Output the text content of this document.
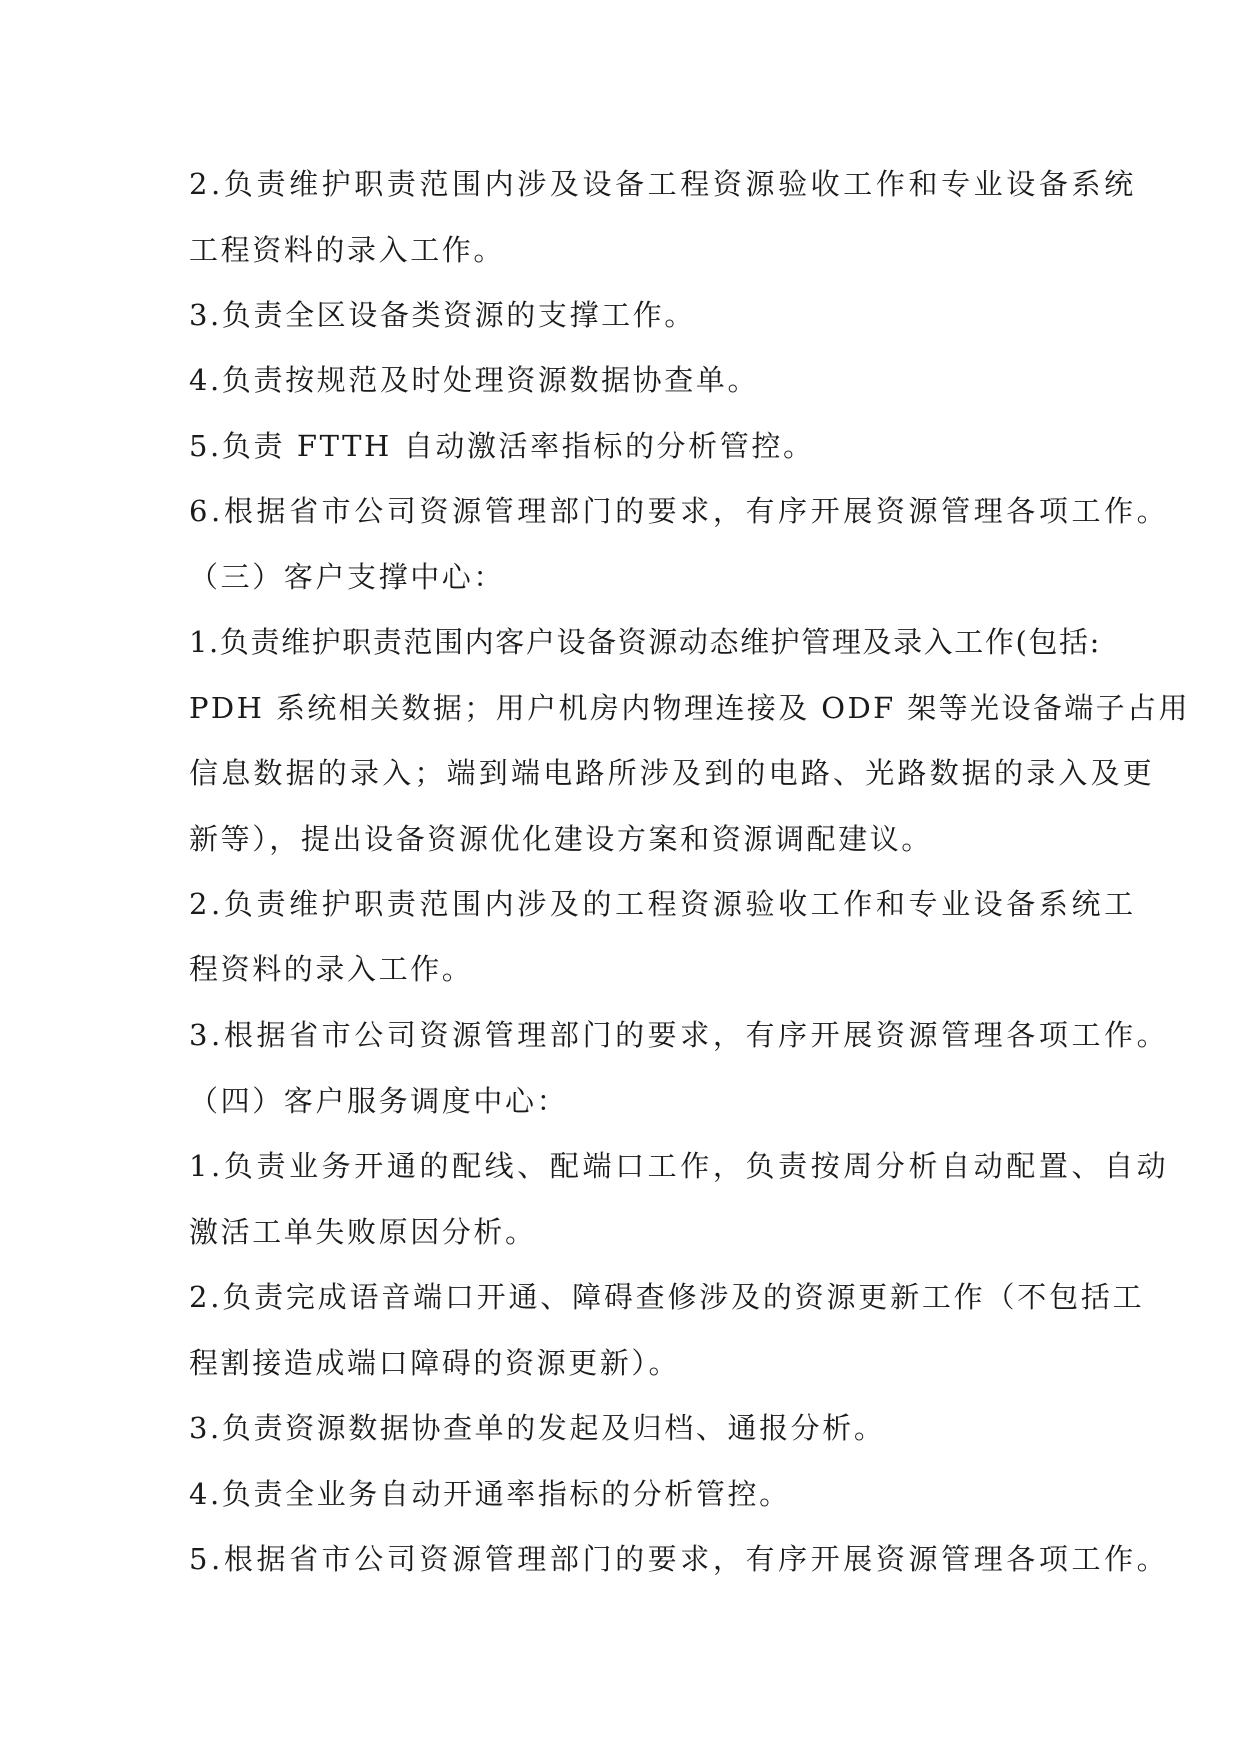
2.负责维护职责范围内涉及设备工程资源验收工作和专业设备系统
工程资料的录入工作。
3.负责全区设备类资源的支撑工作。
4.负责按规范及时处理资源数据协查单。
5.负责 FTTH 自动激活率指标的分析管控。
6.根据省市公司资源管理部门的要求，有序开展资源管理各项工作。
（三）客户支撑中心：
1.负责维护职责范围内客户设备资源动态维护管理及录入工作(包括:
PDH 系统相关数据；用户机房内物理连接及 ODF 架等光设备端子占用
信息数据的录入；端到端电路所涉及到的电路、光路数据的录入及更
新等），提出设备资源优化建设方案和资源调配建议。
2.负责维护职责范围内涉及的工程资源验收工作和专业设备系统工
程资料的录入工作。
3.根据省市公司资源管理部门的要求，有序开展资源管理各项工作。
（四）客户服务调度中心：
1.负责业务开通的配线、配端口工作，负责按周分析自动配置、自动
激活工单失败原因分析。
2.负责完成语音端口开通、障碍查修涉及的资源更新工作（不包括工
程割接造成端口障碍的资源更新）。
3.负责资源数据协查单的发起及归档、通报分析。
4.负责全业务自动开通率指标的分析管控。
5.根据省市公司资源管理部门的要求，有序开展资源管理各项工作。
